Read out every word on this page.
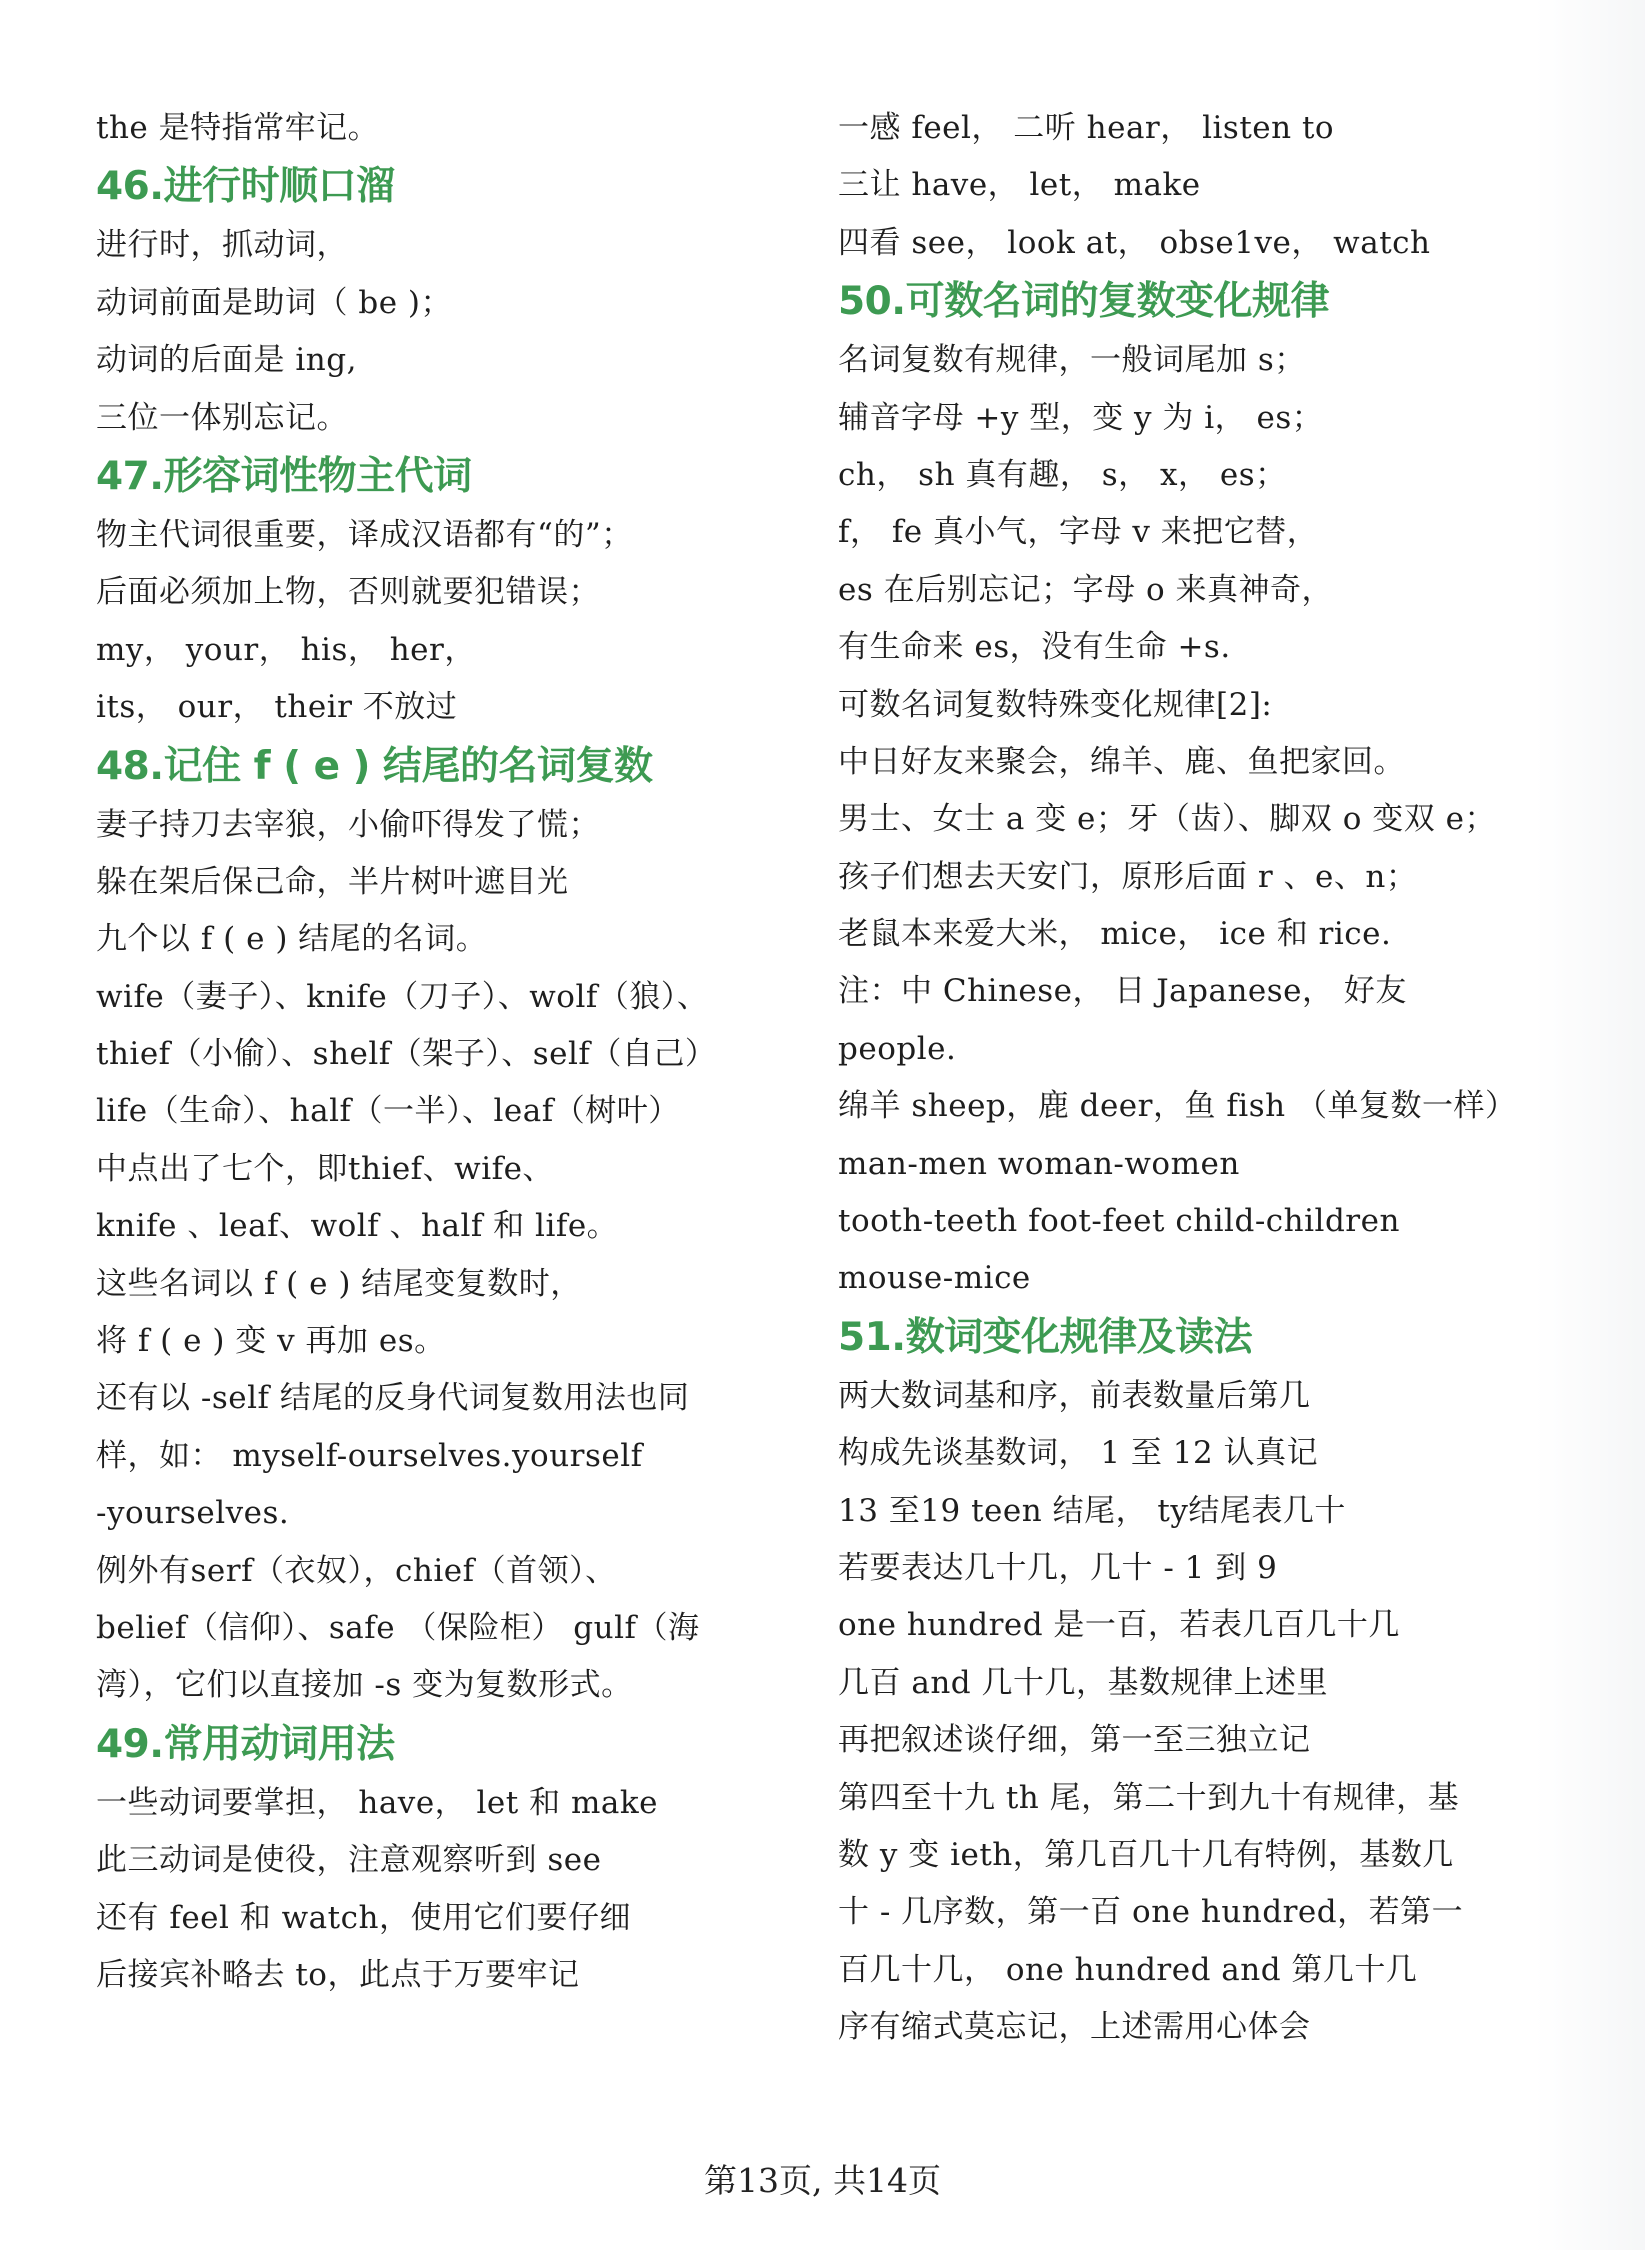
the 是特指常牢记。
46.进行时顺口溜
进行时，抓动词，
动词前面是助词（ be )；
动词的后面是 ing,
三位一体别忘记。
47.形容词性物主代词
物主代词很重要，译成汉语都有“的”；
后面必须加上物，否则就要犯错误；
my， your， his， her，
its， our， their 不放过
48.记住 f ( e ) 结尾的名词复数
妻子持刀去宰狼，小偷吓得发了慌；
躲在架后保己命，半片树叶遮目光
九个以 f ( e ) 结尾的名词。
wife（妻子）、knife（刀子）、wolf（狼）、
thief（小偷）、shelf（架子）、self（自己）
life（生命）、half（一半）、leaf（树叶）
中点出了七个，即thief、wife、
knife 、leaf、wolf 、half 和 life。
这些名词以 f ( e ) 结尾变复数时，
将 f ( e ) 变 v 再加 es。
还有以 -self 结尾的反身代词复数用法也同
样，如： myself-ourselves.yourself
-yourselves.
例外有serf（衣奴），chief（首领）、
belief（信仰）、safe （保险柜） gulf（海
湾），它们以直接加 -s 变为复数形式。
49.常用动词用法
一些动词要掌担， have， let 和 make
此三动词是使役，注意观察听到 see
还有 feel 和 watch，使用它们要仔细
后接宾补略去 to，此点于万要牢记
一感 feel， 二听 hear， listen to
三让 have， let， make
四看 see， look at， obse1ve， watch
50.可数名词的复数变化规律
名词复数有规律，一般词尾加 s；
辅音字母 +y 型，变 y 为 i， es；
ch， sh 真有趣， s， x， es；
f， fe 真小气，字母 v 来把它替，
es 在后别忘记；字母 o 来真神奇，
有生命来 es，没有生命 +s.
可数名词复数特殊变化规律[2]:
中日好友来聚会，绵羊、鹿、鱼把家回。
男士、女士 a 变 e；牙（齿）、脚双 o 变双 e；
孩子们想去天安门，原形后面 r 、e、n；
老鼠本来爱大米， mice， ice 和 rice.
注：中 Chinese， 日 Japanese， 好友
people.
绵羊 sheep，鹿 deer，鱼 fish （单复数一样）
man-men woman-women
tooth-teeth foot-feet child-children
mouse-mice
51.数词变化规律及读法
两大数词基和序，前表数量后第几
构成先谈基数词， 1 至 12 认真记
13 至19 teen 结尾， ty结尾表几十
若要表达几十几，几十 - 1 到 9
one hundred 是一百，若表几百几十几
几百 and 几十几，基数规律上述里
再把叙述谈仔细，第一至三独立记
第四至十九 th 尾，第二十到九十有规律，基
数 y 变 ieth，第几百几十几有特例，基数几
十 - 几序数，第一百 one hundred，若第一
百几十几， one hundred and 第几十几
序有缩式莫忘记，上述需用心体会
第13页, 共14页
